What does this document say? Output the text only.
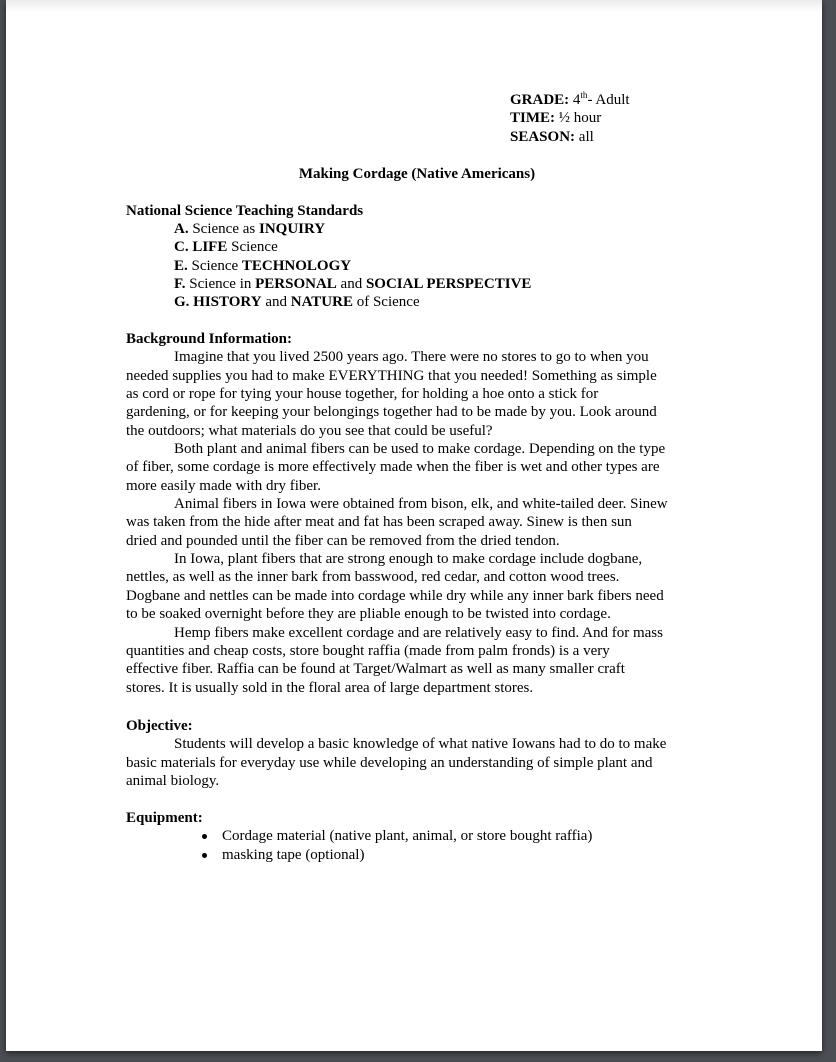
GRADE: 4th- Adult
TIME: ½ hour
SEASON: all
Making Cordage (Native Americans)
National Science Teaching Standards
A. Science as INQUIRY
C. LIFE Science
E. Science TECHNOLOGY
F. Science in PERSONAL and SOCIAL PERSPECTIVE
G. HISTORY and NATURE of Science
Background Information:
Imagine that you lived 2500 years ago. There were no stores to go to when you
needed supplies you had to make EVERYTHING that you needed! Something as simple
as cord or rope for tying your house together, for holding a hoe onto a stick for
gardening, or for keeping your belongings together had to be made by you. Look around
the outdoors; what materials do you see that could be useful?
Both plant and animal fibers can be used to make cordage. Depending on the type
of fiber, some cordage is more effectively made when the fiber is wet and other types are
more easily made with dry fiber.
Animal fibers in Iowa were obtained from bison, elk, and white-tailed deer. Sinew
was taken from the hide after meat and fat has been scraped away. Sinew is then sun
dried and pounded until the fiber can be removed from the dried tendon.
In Iowa, plant fibers that are strong enough to make cordage include dogbane,
nettles, as well as the inner bark from basswood, red cedar, and cotton wood trees.
Dogbane and nettles can be made into cordage while dry while any inner bark fibers need
to be soaked overnight before they are pliable enough to be twisted into cordage.
Hemp fibers make excellent cordage and are relatively easy to find. And for mass
quantities and cheap costs, store bought raffia (made from palm fronds) is a very
effective fiber. Raffia can be found at Target/Walmart as well as many smaller craft
stores. It is usually sold in the floral area of large department stores.
Objective:
Students will develop a basic knowledge of what native Iowans had to do to make
basic materials for everyday use while developing an understanding of simple plant and
animal biology.
Equipment:
Cordage material (native plant, animal, or store bought raffia)
masking tape (optional)
